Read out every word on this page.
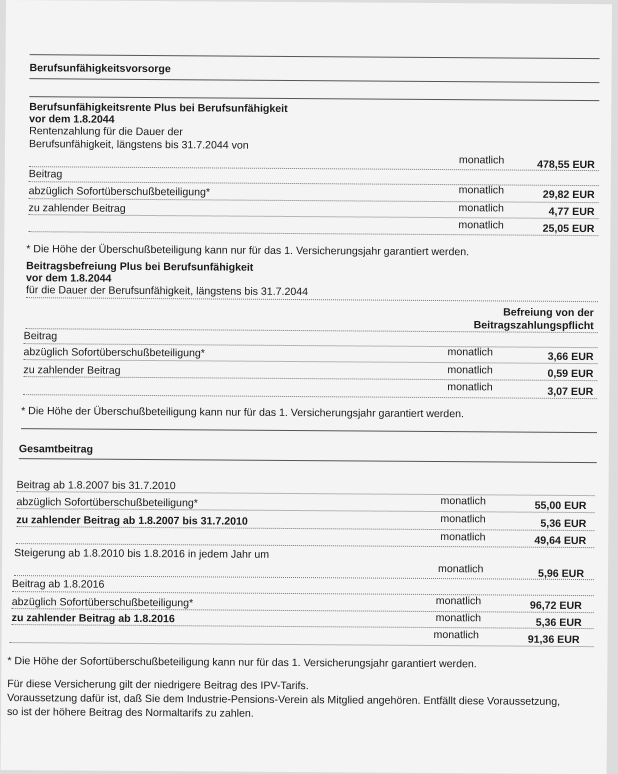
Berufsunfähigkeitsvorsorge
Berufsunfähigkeitsrente Plus bei Berufsunfähigkeit
vor dem 1.8.2044
Rentenzahlung für die Dauer der
Berufsunfähigkeit, längstens bis 31.7.2044 von
monatlich	478,55 EUR
Beitrag
abzüglich Sofortüberschußbeteiligung*	monatlich	29,82 EUR
zu zahlender Beitrag	monatlich	4,77 EUR
monatlich	25,05 EUR
* Die Höhe der Überschußbeteiligung kann nur für das 1. Versicherungsjahr garantiert werden.
Beitragsbefreiung Plus bei Berufsunfähigkeit
vor dem 1.8.2044
für die Dauer der Berufsunfähigkeit, längstens bis 31.7.2044
Befreiung von der
Beitragszahlungspflicht
Beitrag
abzüglich Sofortüberschußbeteiligung*	monatlich	3,66 EUR
zu zahlender Beitrag	monatlich	0,59 EUR
monatlich	3,07 EUR
* Die Höhe der Überschußbeteiligung kann nur für das 1. Versicherungsjahr garantiert werden.
Gesamtbeitrag
Beitrag ab 1.8.2007 bis 31.7.2010
abzüglich Sofortüberschußbeteiligung*	monatlich	55,00 EUR
zu zahlender Beitrag ab 1.8.2007 bis 31.7.2010	monatlich	5,36 EUR
monatlich	49,64 EUR
Steigerung ab 1.8.2010 bis 1.8.2016 in jedem Jahr um
monatlich	5,96 EUR
Beitrag ab 1.8.2016
abzüglich Sofortüberschußbeteiligung*	monatlich	96,72 EUR
zu zahlender Beitrag ab 1.8.2016	monatlich	5,36 EUR
monatlich	91,36 EUR
* Die Höhe der Sofortüberschußbeteiligung kann nur für das 1. Versicherungsjahr garantiert werden.
Für diese Versicherung gilt der niedrigere Beitrag des IPV-Tarifs.
Voraussetzung dafür ist, daß Sie dem Industrie-Pensions-Verein als Mitglied angehören. Entfällt diese Voraussetzung,
so ist der höhere Beitrag des Normaltarifs zu zahlen.
